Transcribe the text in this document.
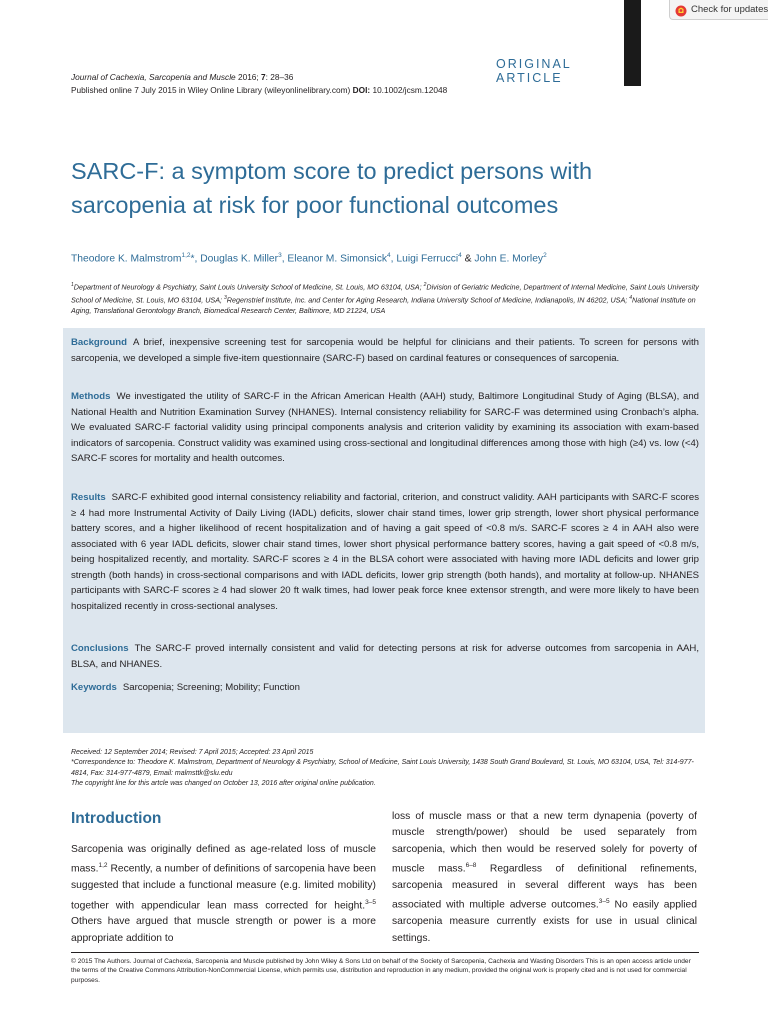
Check for updates
ORIGINAL ARTICLE
Journal of Cachexia, Sarcopenia and Muscle 2016; 7: 28–36
Published online 7 July 2015 in Wiley Online Library (wileyonlinelibrary.com) DOI: 10.1002/jcsm.12048
SARC-F: a symptom score to predict persons with
sarcopenia at risk for poor functional outcomes
Theodore K. Malmstrom$^{1,2}$*, Douglas K. Miller$^3$, Eleanor M. Simonsick$^4$, Luigi Ferrucci$^4$ & John E. Morley$^2$
$^1$Department of Neurology & Psychiatry, Saint Louis University School of Medicine, St. Louis, MO 63104, USA; $^2$Division of Geriatric Medicine, Department of Internal Medicine, Saint Louis University School of Medicine, St. Louis, MO 63104, USA; $^3$Regenstrief Institute, Inc. and Center for Aging Research, Indiana University School of Medicine, Indianapolis, IN 46202, USA; $^4$National Institute on Aging, Translational Gerontology Branch, Biomedical Research Center, Baltimore, MD 21224, USA
Background A brief, inexpensive screening test for sarcopenia would be helpful for clinicians and their patients. To screen for persons with sarcopenia, we developed a simple five-item questionnaire (SARC-F) based on cardinal features or consequences of sarcopenia.
Methods We investigated the utility of SARC-F in the African American Health (AAH) study, Baltimore Longitudinal Study of Aging (BLSA), and National Health and Nutrition Examination Survey (NHANES). Internal consistency reliability for SARC-F was determined using Cronbach’s alpha. We evaluated SARC-F factorial validity using principal components analysis and criterion validity by examining its association with exam-based indicators of sarcopenia. Construct validity was examined using cross-sectional and longitudinal differences among those with high (≥4) vs. low (<4) SARC-F scores for mortality and health outcomes.
Results SARC-F exhibited good internal consistency reliability and factorial, criterion, and construct validity. AAH participants with SARC-F scores ≥ 4 had more Instrumental Activity of Daily Living (IADL) deficits, slower chair stand times, lower grip strength, lower short physical performance battery scores, and a higher likelihood of recent hospitalization and of having a gait speed of <0.8 m/s. SARC-F scores ≥ 4 in AAH also were associated with 6 year IADL deficits, slower chair stand times, lower short physical performance battery scores, having a gait speed of <0.8 m/s, being hospitalized recently, and mortality. SARC-F scores ≥ 4 in the BLSA cohort were associated with having more IADL deficits and lower grip strength (both hands) in cross-sectional comparisons and with IADL deficits, lower grip strength (both hands), and mortality at follow-up. NHANES participants with SARC-F scores ≥ 4 had slower 20 ft walk times, had lower peak force knee extensor strength, and were more likely to have been hospitalized recently in cross-sectional analyses.
Conclusions The SARC-F proved internally consistent and valid for detecting persons at risk for adverse outcomes from sarcopenia in AAH, BLSA, and NHANES.
Keywords Sarcopenia; Screening; Mobility; Function
Received: 12 September 2014; Revised: 7 April 2015; Accepted: 23 April 2015
*Correspondence to: Theodore K. Malmstrom, Department of Neurology & Psychiatry, School of Medicine, Saint Louis University, 1438 South Grand Boulevard, St. Louis, MO 63104, USA, Tel: 314-977-4814, Fax: 314-977-4879, Email: malmsttk@slu.edu
The copyright line for this artcle was changed on October 13, 2016 after original online publication.
Introduction
Sarcopenia was originally defined as age-related loss of muscle mass.$^{1,2}$ Recently, a number of definitions of sarcopenia have been suggested that include a functional measure (e.g. limited mobility) together with appendicular lean mass corrected for height.$^{3-5}$ Others have argued that muscle strength or power is a more appropriate addition to
loss of muscle mass or that a new term dynapenia (poverty of muscle strength/power) should be used separately from sarcopenia, which then would be reserved solely for poverty of muscle mass.$^{6-8}$ Regardless of definitional refinements, sarcopenia measured in several different ways has been associated with multiple adverse outcomes.$^{3-5}$ No easily applied sarcopenia measure currently exists for use in usual clinical settings.
© 2015 The Authors. Journal of Cachexia, Sarcopenia and Muscle published by John Wiley & Sons Ltd on behalf of the Society of Sarcopenia, Cachexia and Wasting Disorders This is an open access article under the terms of the Creative Commons Attribution-NonCommercial License, which permits use, distribution and reproduction in any medium, provided the original work is properly cited and is not used for commercial purposes.
